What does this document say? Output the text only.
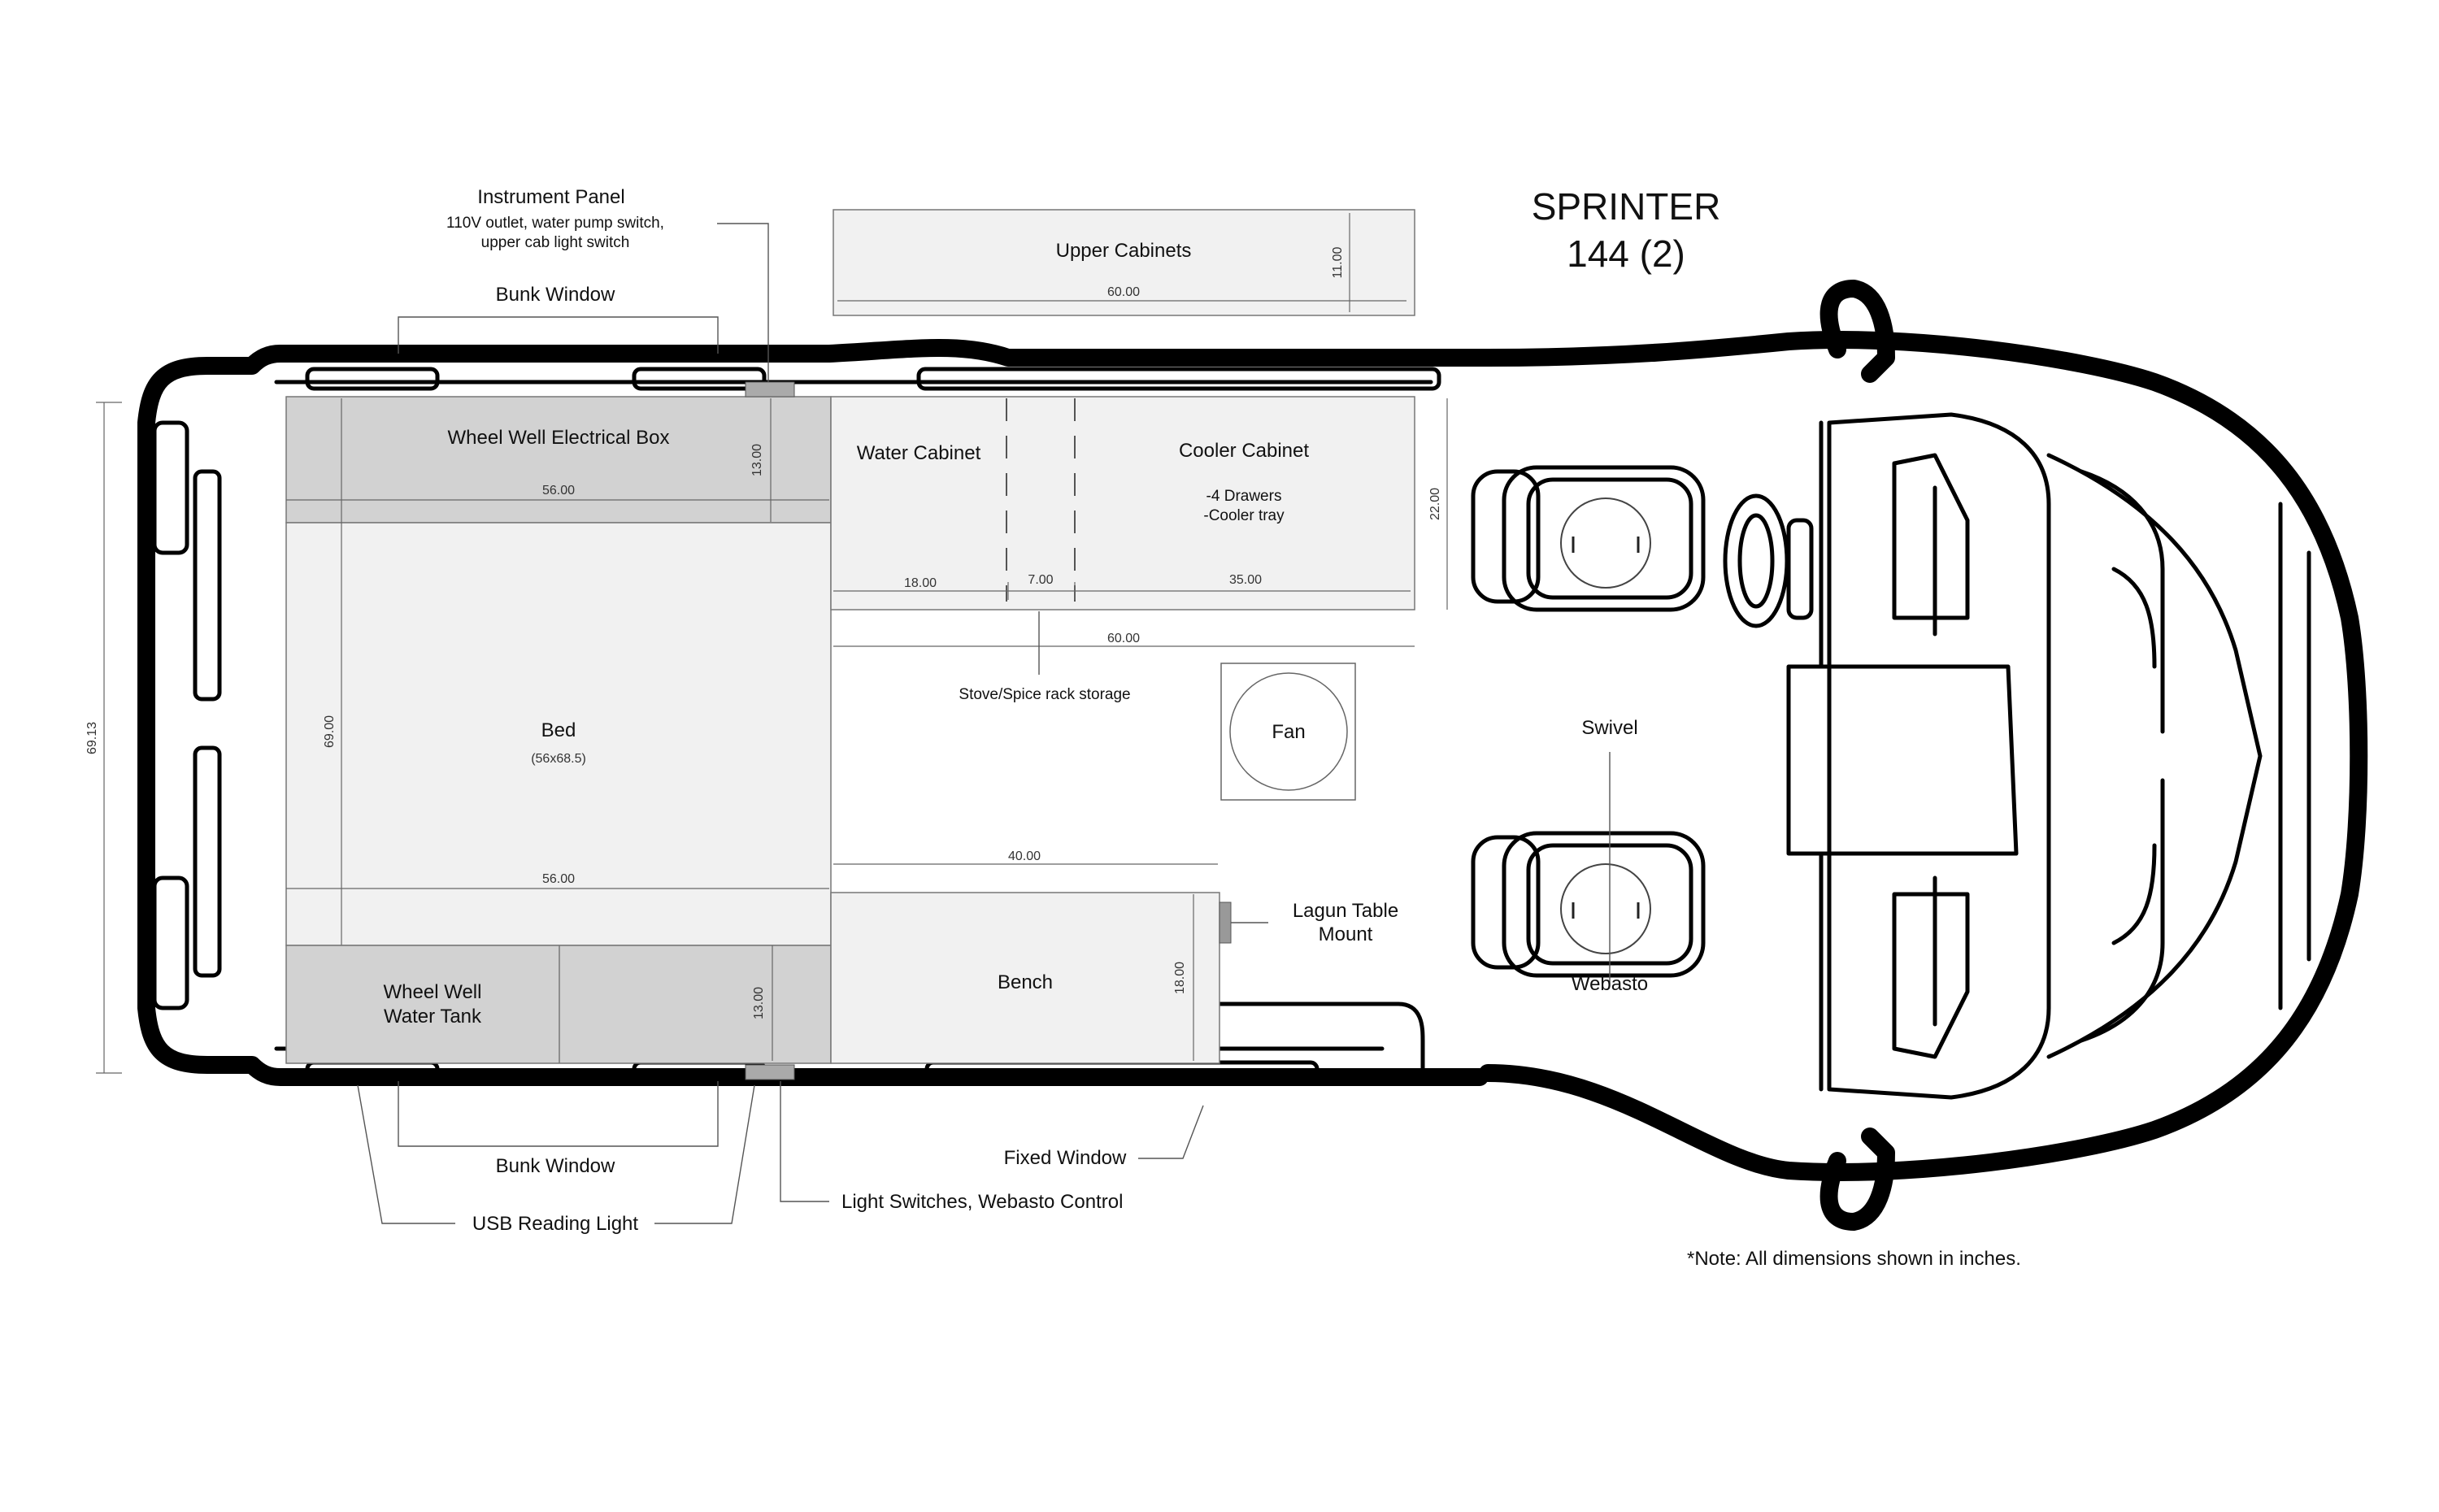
Upper Cabinets
60.00
11.00
Wheel Well Electrical Box
56.00
13.00
Bed
(56x68.5)
69.00
56.00
Wheel Well
Water Tank	13.00
69.13
Water Cabinet	Cooler Cabinet
-4 Drawers
-Cooler tray
18.00	7.00	35.00
22.00
60.00
Stove/Spice rack storage
Fan
Bench
40.00
18.00
Lagun Table
Mount
Swivel
Webasto
Instrument Panel
110V outlet, water pump switch,
upper cab light switch
Bunk Window
Bunk Window
USB Reading Light
Light Switches, Webasto Control
Fixed Window
SPRINTER
144 (2)
*Note: All dimensions shown in inches.
